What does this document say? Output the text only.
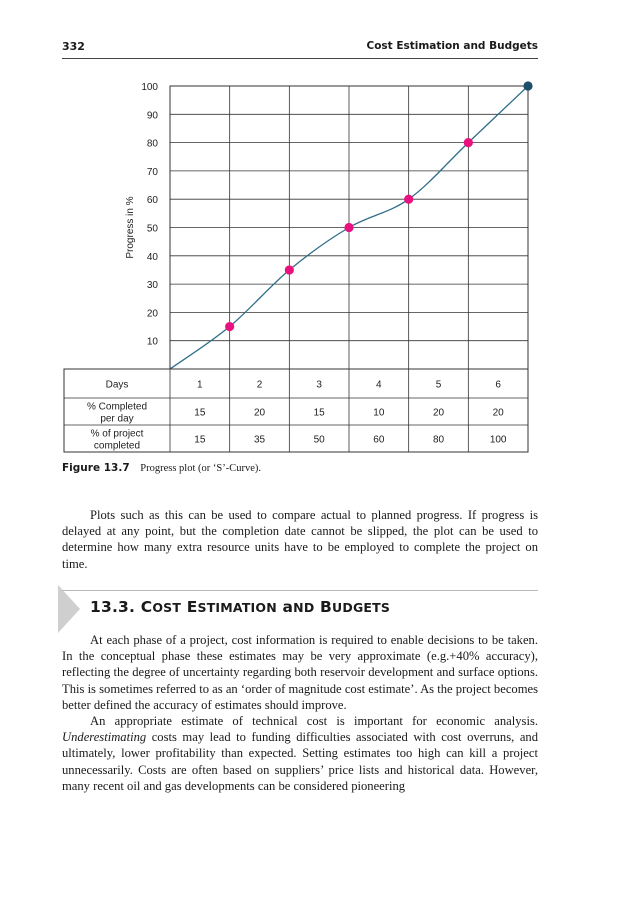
332	Cost Estimation and Budgets
10
20
30
40
50
60
70
80
90
100
Progress in %
Days	1	2	3	4	5	6
% Completed per day
15	20	15	10	20	20
% of project completed
15	35	50	60	80	100
Figure 13.7 Progress plot (or ‘S’-Curve).

Plots such as this can be used to compare actual to planned progress. If progress is delayed at any point, but the completion date cannot be slipped, the plot can be used to determine how many extra resource units have to be employed to complete the project on time.

13.3. COST ESTIMATION aND BUDGETS

At each phase of a project, cost information is required to enable decisions to be taken. In the conceptual phase these estimates may be very approximate (e.g.+40% accuracy), reflecting the degree of uncertainty regarding both reservoir development and surface options. This is sometimes referred to as an ‘order of magnitude cost estimate’. As the project becomes better defined the accuracy of estimates should improve.

An appropriate estimate of technical cost is important for economic analysis. Underestimating costs may lead to funding difficulties associated with cost overruns, and ultimately, lower profitability than expected. Setting estimates too high can kill a project unnecessarily. Costs are often based on suppliers’ price lists and historical data. However, many recent oil and gas developments can be considered pioneering
